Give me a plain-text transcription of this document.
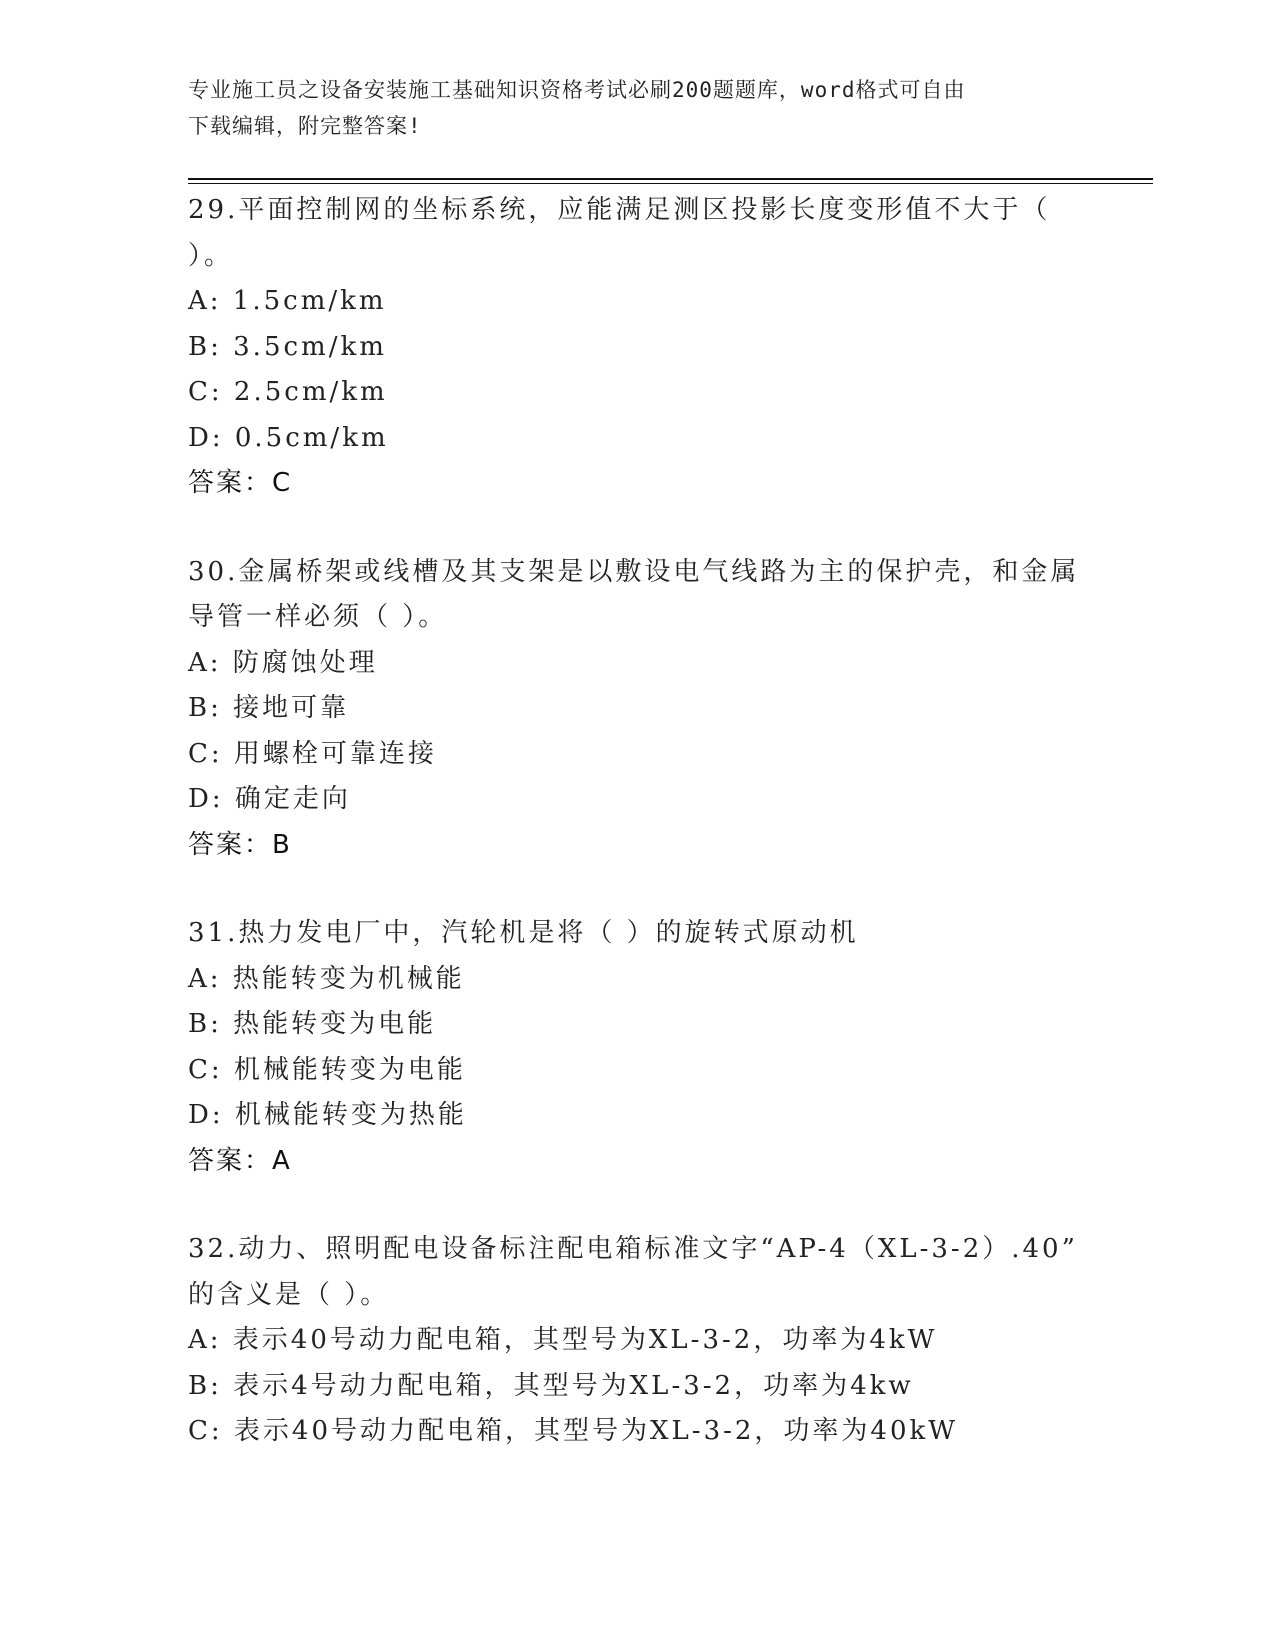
专业施工员之设备安装施工基础知识资格考试必刷200题题库，word格式可自由
下载编辑，附完整答案!
29.平面控制网的坐标系统，应能满足测区投影长度变形值不大于（
）。
A: 1.5cm/km
B: 3.5cm/km
C: 2.5cm/km
D: 0.5cm/km
答案：C
30.金属桥架或线槽及其支架是以敷设电气线路为主的保护壳，和金属
导管一样必须（ ）。
A: 防腐蚀处理
B: 接地可靠
C: 用螺栓可靠连接
D: 确定走向
答案：B
31.热力发电厂中，汽轮机是将（ ）的旋转式原动机
A: 热能转变为机械能
B: 热能转变为电能
C: 机械能转变为电能
D: 机械能转变为热能
答案：A
32.动力、照明配电设备标注配电箱标准文字“AP-4（XL-3-2）.40”
的含义是（ ）。
A: 表示40号动力配电箱，其型号为XL-3-2，功率为4kW
B: 表示4号动力配电箱，其型号为XL-3-2，功率为4kw
C: 表示40号动力配电箱，其型号为XL-3-2，功率为40kW
